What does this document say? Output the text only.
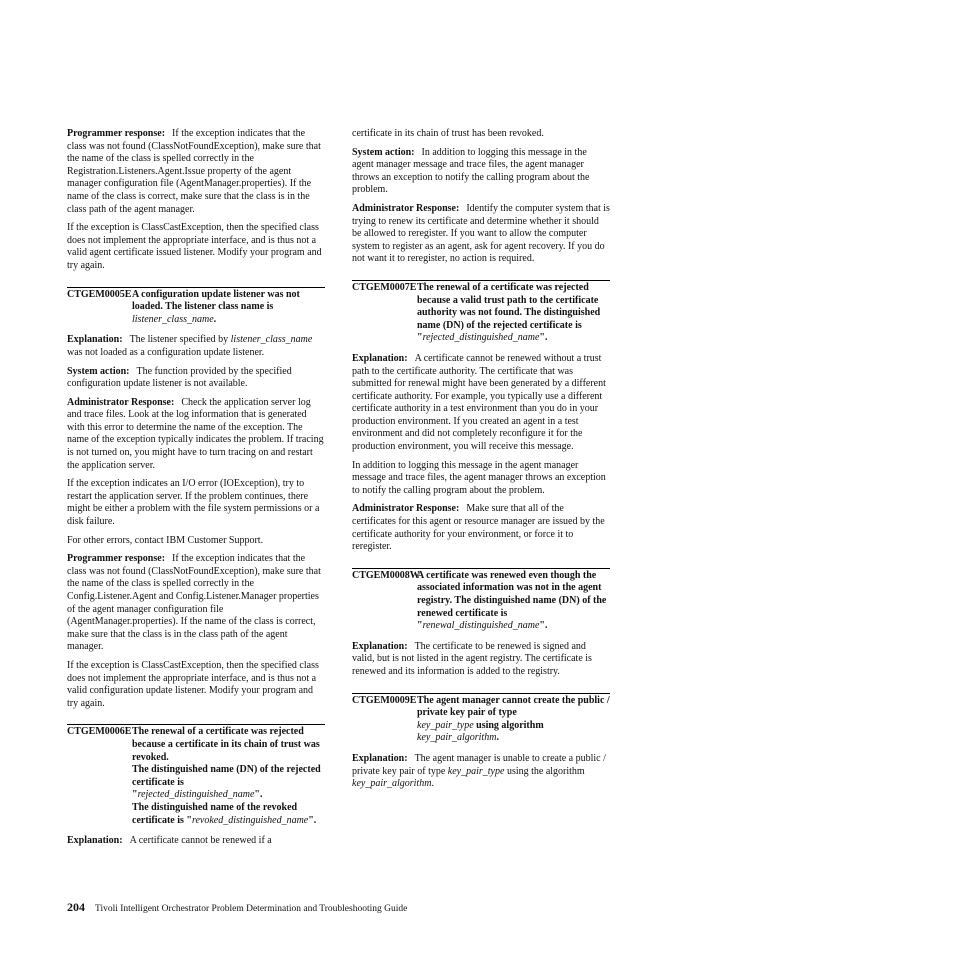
Programmer response: If the exception indicates that the class was not found (ClassNotFoundException), make sure that the name of the class is spelled correctly in the Registration.Listeners.Agent.Issue property of the agent manager configuration file (AgentManager.properties). If the name of the class is correct, make sure that the class is in the class path of the agent manager.

If the exception is ClassCastException, then the specified class does not implement the appropriate interface, and is thus not a valid agent certificate issued listener. Modify your program and try again.

CTGEM0005E A configuration update listener was not loaded. The listener class name is listener_class_name.

Explanation: The listener specified by listener_class_name was not loaded as a configuration update listener.

System action: The function provided by the specified configuration update listener is not available.

Administrator Response: Check the application server log and trace files. Look at the log information that is generated with this error to determine the name of the exception. The name of the exception typically indicates the problem. If tracing is not turned on, you might have to turn tracing on and restart the application server.

If the exception indicates an I/O error (IOException), try to restart the application server. If the problem continues, there might be either a problem with the file system permissions or a disk failure.

For other errors, contact IBM Customer Support.

Programmer response: If the exception indicates that the class was not found (ClassNotFoundException), make sure that the name of the class is spelled correctly in the Config.Listener.Agent and Config.Listener.Manager properties of the agent manager configuration file (AgentManager.properties). If the name of the class is correct, make sure that the class is in the class path of the agent manager.

If the exception is ClassCastException, then the specified class does not implement the appropriate interface, and is thus not a valid configuration update listener. Modify your program and try again.

CTGEM0006E The renewal of a certificate was rejected because a certificate in its chain of trust was revoked.
The distinguished name (DN) of the rejected certificate is
"rejected_distinguished_name".
The distinguished name of the revoked certificate is "revoked_distinguished_name".

Explanation: A certificate cannot be renewed if a

certificate in its chain of trust has been revoked.

System action: In addition to logging this message in the agent manager message and trace files, the agent manager throws an exception to notify the calling program about the problem.

Administrator Response: Identify the computer system that is trying to renew its certificate and determine whether it should be allowed to reregister. If you want to allow the computer system to register as an agent, ask for agent recovery. If you do not want it to reregister, no action is required.

CTGEM0007E The renewal of a certificate was rejected because a valid trust path to the certificate authority was not found. The distinguished name (DN) of the rejected certificate is "rejected_distinguished_name".

Explanation: A certificate cannot be renewed without a trust path to the certificate authority. The certificate that was submitted for renewal might have been generated by a different certificate authority. For example, you typically use a different certificate authority in a test environment than you do in your production environment. If you created an agent in a test environment and did not completely reconfigure it for the production environment, you will receive this message.

In addition to logging this message in the agent manager message and trace files, the agent manager throws an exception to notify the calling program about the problem.

Administrator Response: Make sure that all of the certificates for this agent or resource manager are issued by the certificate authority for your environment, or force it to reregister.

CTGEM0008W
A certificate was renewed even though the associated information was not in the agent registry. The distinguished name (DN) of the renewed certificate is
"renewal_distinguished_name".

Explanation: The certificate to be renewed is signed and valid, but is not listed in the agent registry. The certificate is renewed and its information is added to the registry.

CTGEM0009E The agent manager cannot create the public / private key pair of type
key_pair_type using algorithm
key_pair_algorithm.

Explanation: The agent manager is unable to create a public / private key pair of type key_pair_type using the algorithm key_pair_algorithm.

204 Tivoli Intelligent Orchestrator Problem Determination and Troubleshooting Guide
